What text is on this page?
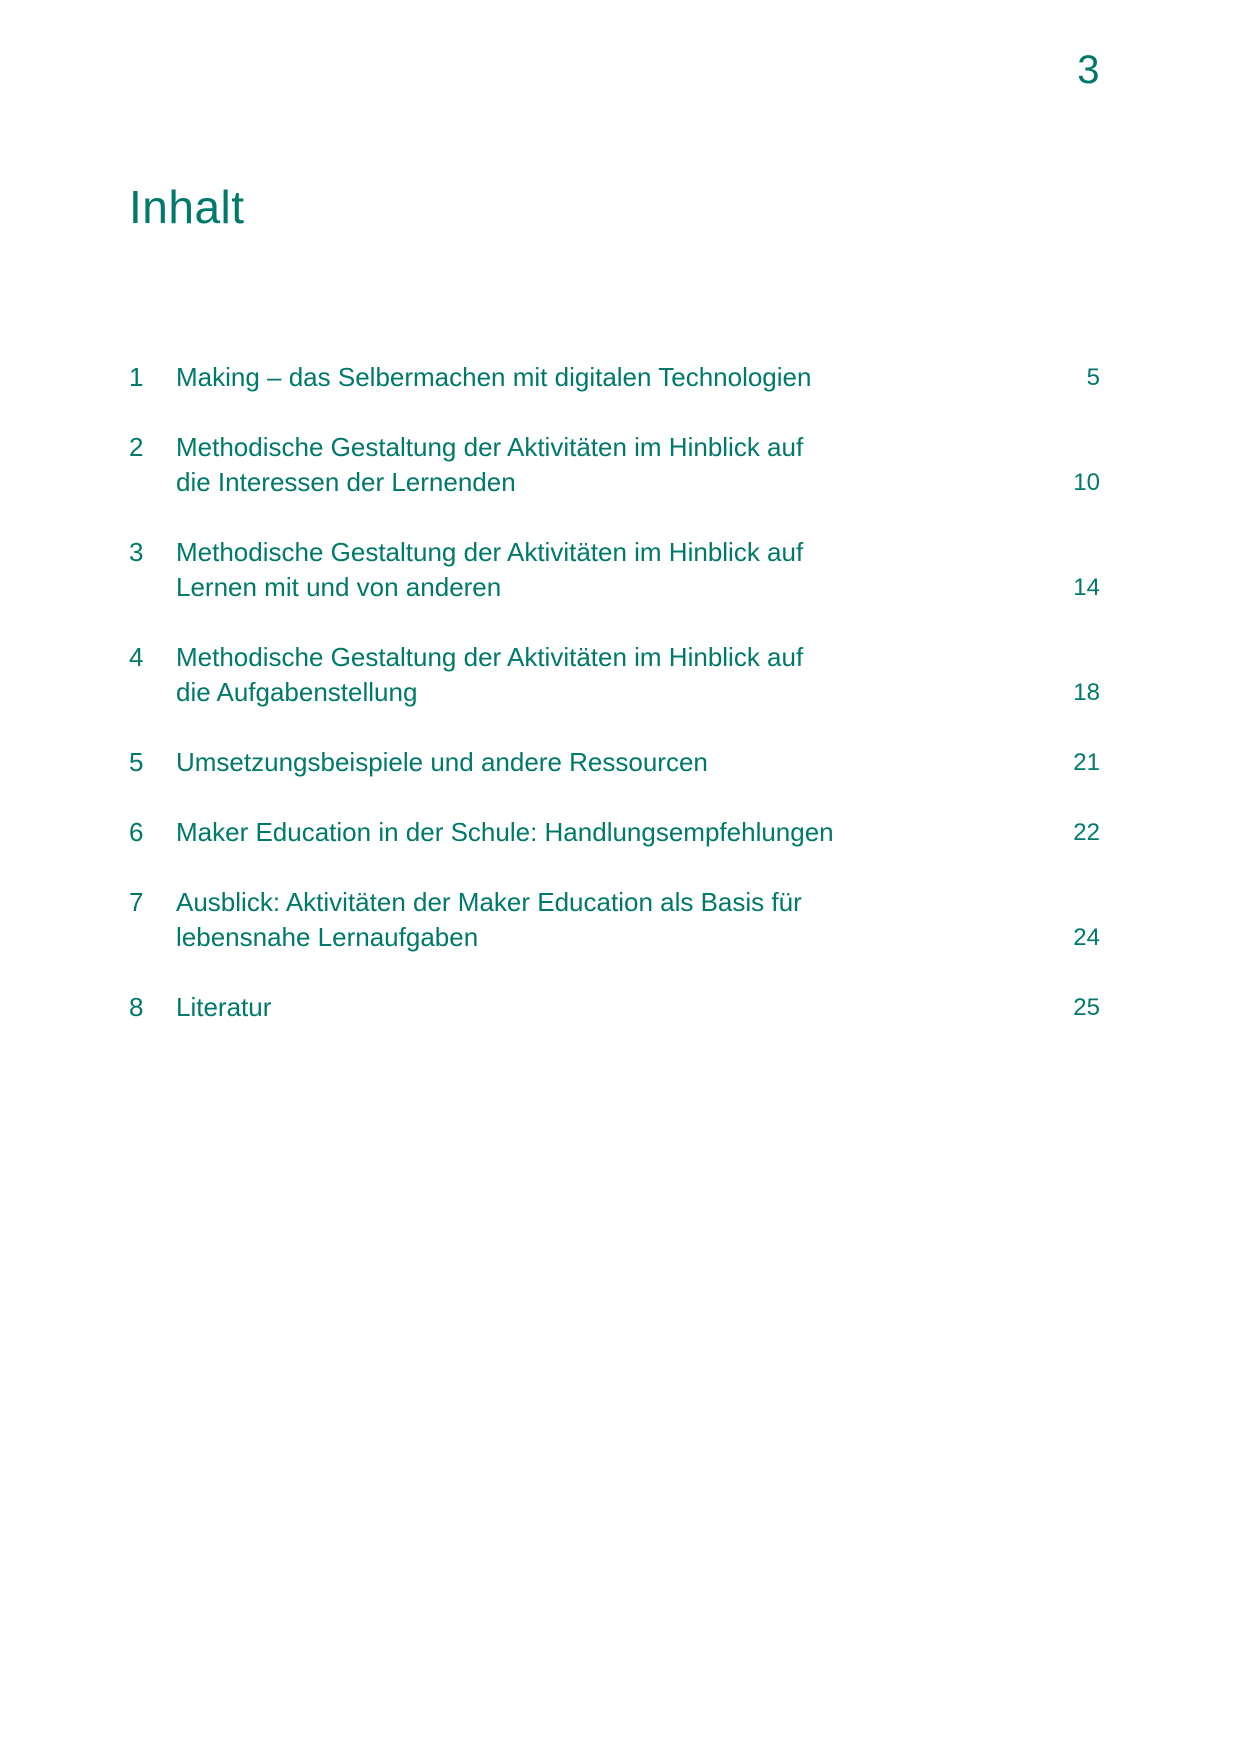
3
Inhalt
1	Making – das Selbermachen mit digitalen Technologien	5
2	Methodische Gestaltung der Aktivitäten im Hinblick auf
die Interessen der Lernenden	10
3	Methodische Gestaltung der Aktivitäten im Hinblick auf
Lernen mit und von anderen	14
4	Methodische Gestaltung der Aktivitäten im Hinblick auf
die Aufgabenstellung	18
5	Umsetzungsbeispiele und andere Ressourcen	21
6	Maker Education in der Schule: Handlungsempfehlungen	22
7	Ausblick: Aktivitäten der Maker Education als Basis für
lebensnahe Lernaufgaben	24
8	Literatur	25
